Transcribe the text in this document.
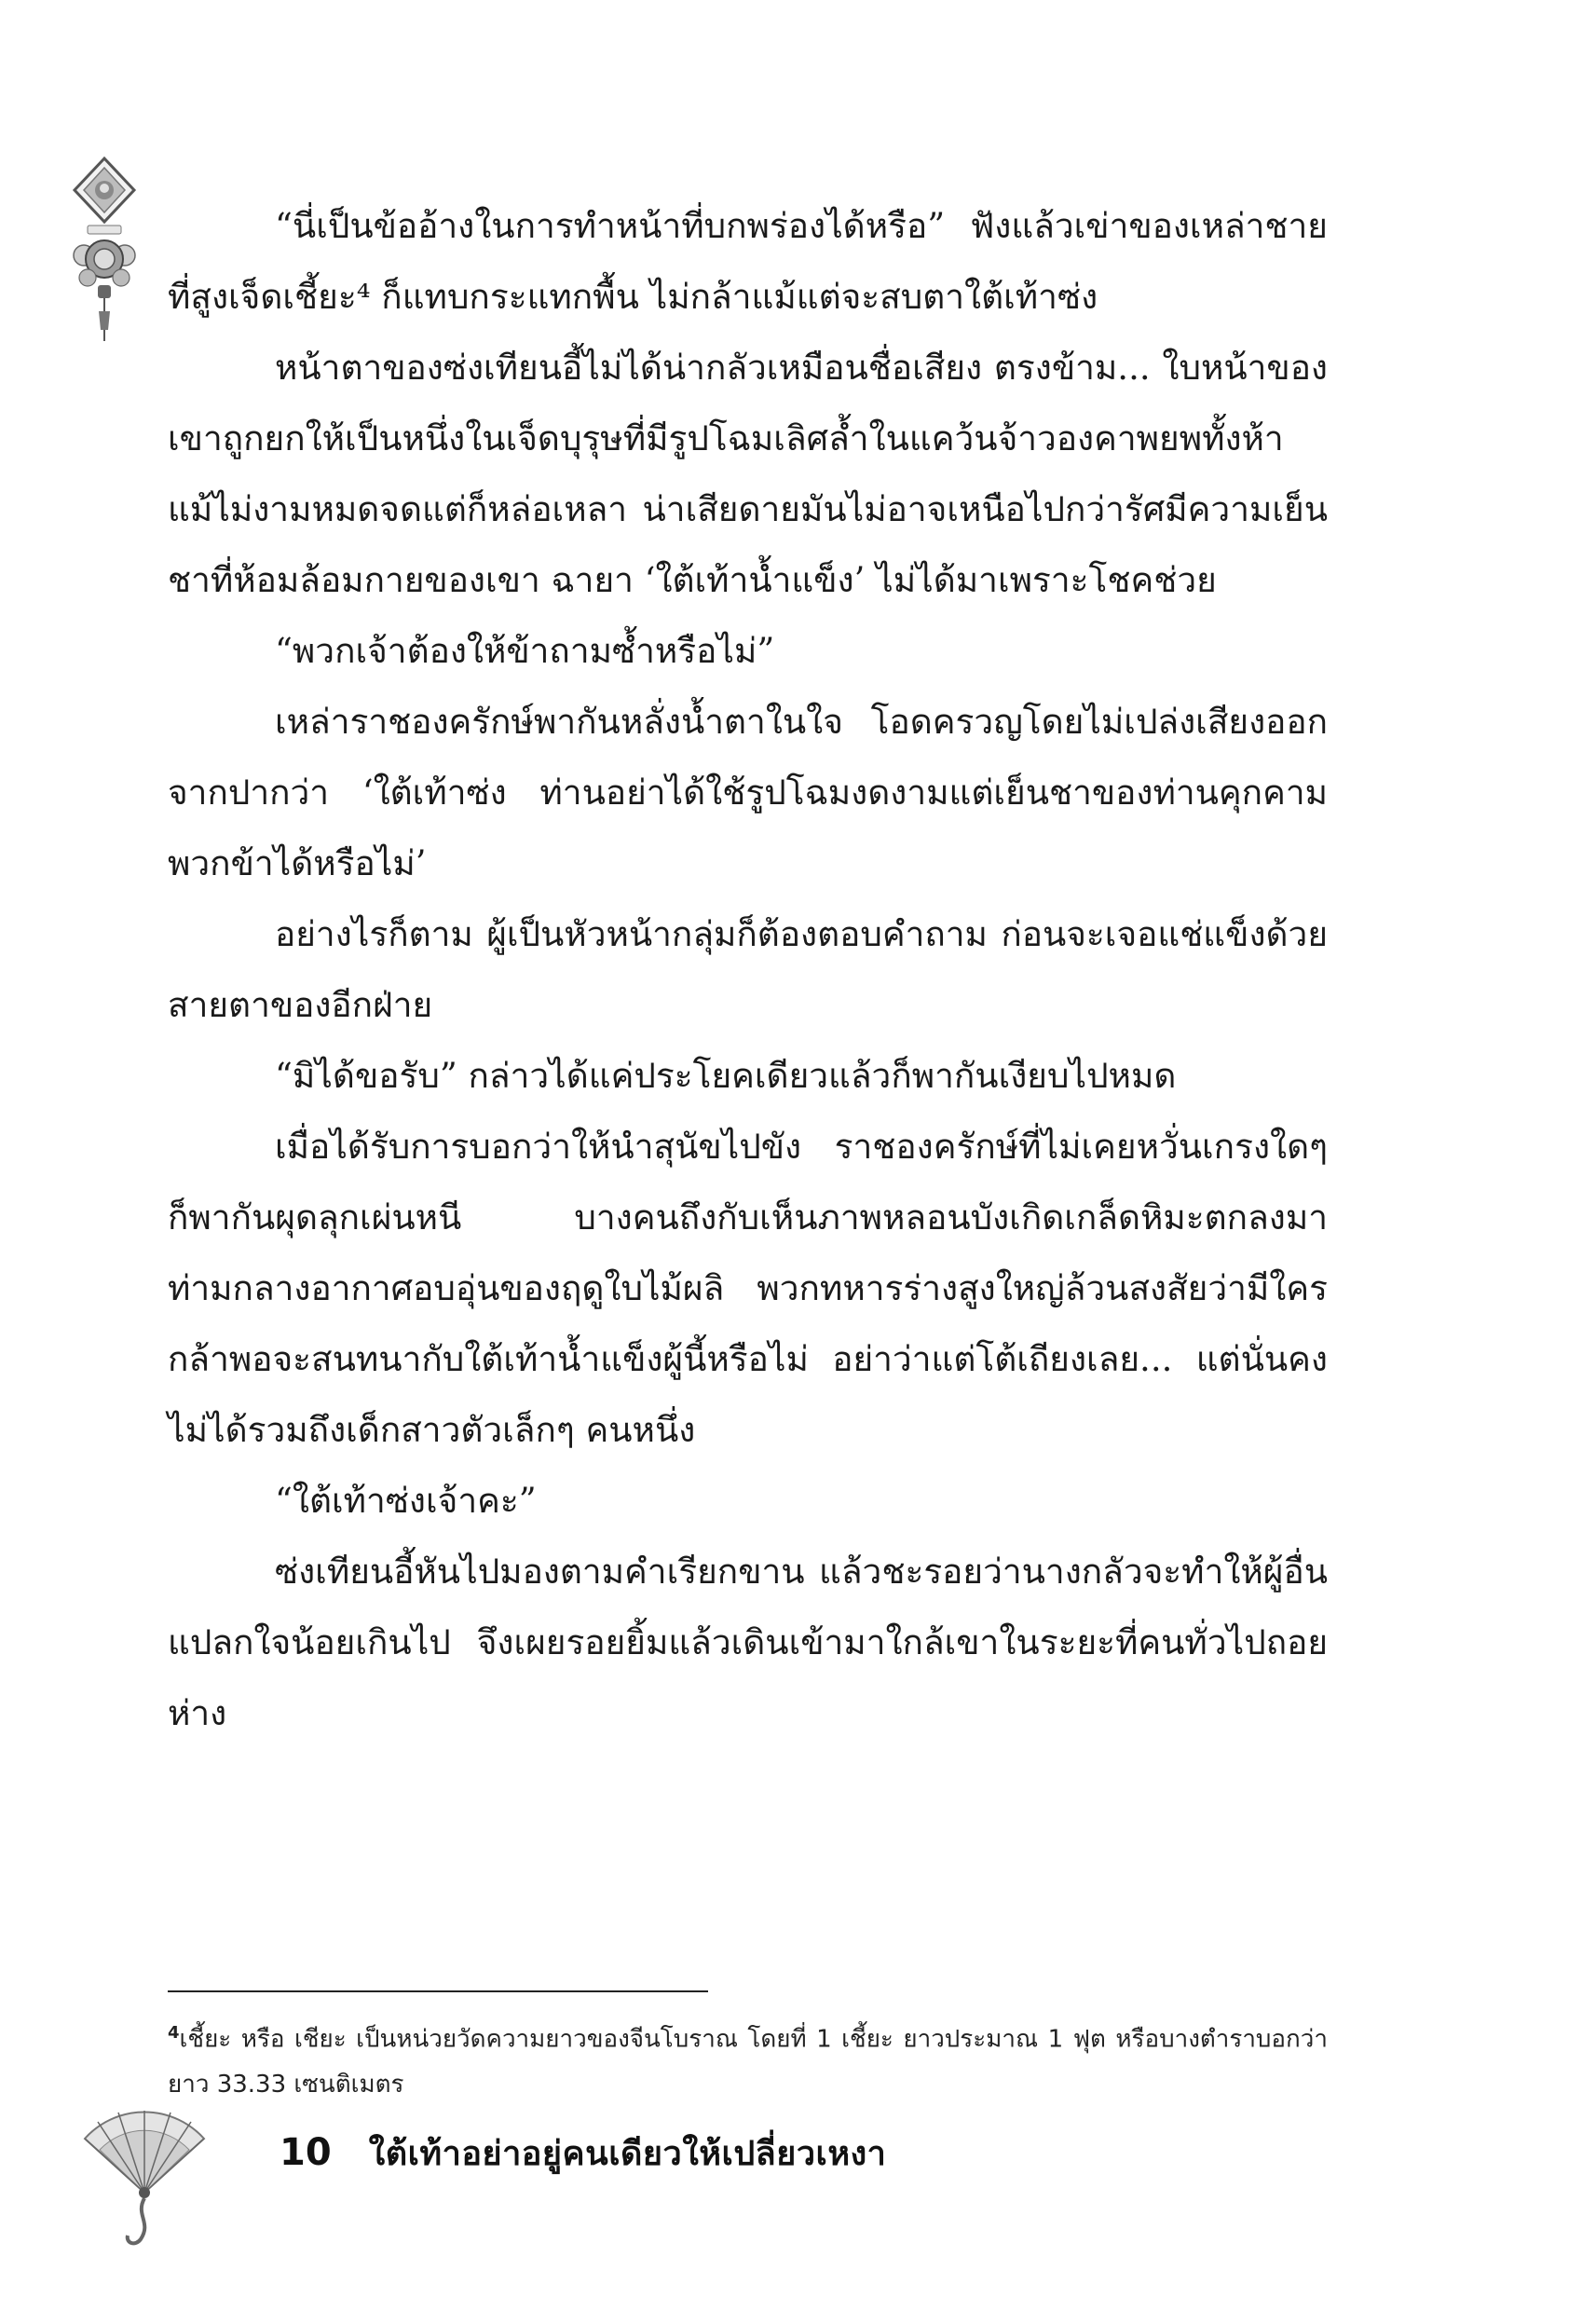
“นี่เป็นข้ออ้างในการทำหน้าที่บกพร่องได้หรือ” ฟังแล้วเข่าของเหล่าชายที่สูงเจ็ดเชี้ยะ⁴ ก็แทบกระแทกพื้น ไม่กล้าแม้แต่จะสบตาใต้เท้าซ่ง

หน้าตาของซ่งเทียนอี้ไม่ได้น่ากลัวเหมือนชื่อเสียง ตรงข้าม... ใบหน้าของเขาถูกยกให้เป็นหนึ่งในเจ็ดบุรุษที่มีรูปโฉมเลิศล้ำในแคว้นจ้าวองคาพยพทั้งห้าแม้ไม่งามหมดจดแต่ก็หล่อเหลา น่าเสียดายมันไม่อาจเหนือไปกว่ารัศมีความเย็นชาที่ห้อมล้อมกายของเขา ฉายา ‘ใต้เท้าน้ำแข็ง’ ไม่ได้มาเพราะโชคช่วย

“พวกเจ้าต้องให้ข้าถามซ้ำหรือไม่”

เหล่าราชองครักษ์พากันหลั่งน้ำตาในใจ โอดครวญโดยไม่เปล่งเสียงออกจากปากว่า ‘ใต้เท้าซ่ง ท่านอย่าได้ใช้รูปโฉมงดงามแต่เย็นชาของท่านคุกคามพวกข้าได้หรือไม่’

อย่างไรก็ตาม ผู้เป็นหัวหน้ากลุ่มก็ต้องตอบคำถาม ก่อนจะเจอแช่แข็งด้วยสายตาของอีกฝ่าย

“มิได้ขอรับ” กล่าวได้แค่ประโยคเดียวแล้วก็พากันเงียบไปหมด

เมื่อได้รับการบอกว่าให้นำสุนัขไปขัง ราชองครักษ์ที่ไม่เคยหวั่นเกรงใดๆ ก็พากันผุดลุกเผ่นหนี บางคนถึงกับเห็นภาพหลอนบังเกิดเกล็ดหิมะตกลงมาท่ามกลางอากาศอบอุ่นของฤดูใบไม้ผลิ พวกทหารร่างสูงใหญ่ล้วนสงสัยว่ามีใครกล้าพอจะสนทนากับใต้เท้าน้ำแข็งผู้นี้หรือไม่ อย่าว่าแต่โต้เถียงเลย... แต่นั่นคงไม่ได้รวมถึงเด็กสาวตัวเล็กๆ คนหนึ่ง

“ใต้เท้าซ่งเจ้าคะ”

ซ่งเทียนอี้หันไปมองตามคำเรียกขาน แล้วชะรอยว่านางกลัวจะทำให้ผู้อื่นแปลกใจน้อยเกินไป จึงเผยรอยยิ้มแล้วเดินเข้ามาใกล้เขาในระยะที่คนทั่วไปถอยห่าง

$^4$เชี้ยะ หรือ เชียะ เป็นหน่วยวัดความยาวของจีนโบราณ โดยที่ 1 เชี้ยะ ยาวประมาณ 1 ฟุต หรือบางตำราบอกว่ายาว 33.33 เซนติเมตร
10 ใต้เท้าอย่าอยู่คนเดียวให้เปลี่ยวเหงา
